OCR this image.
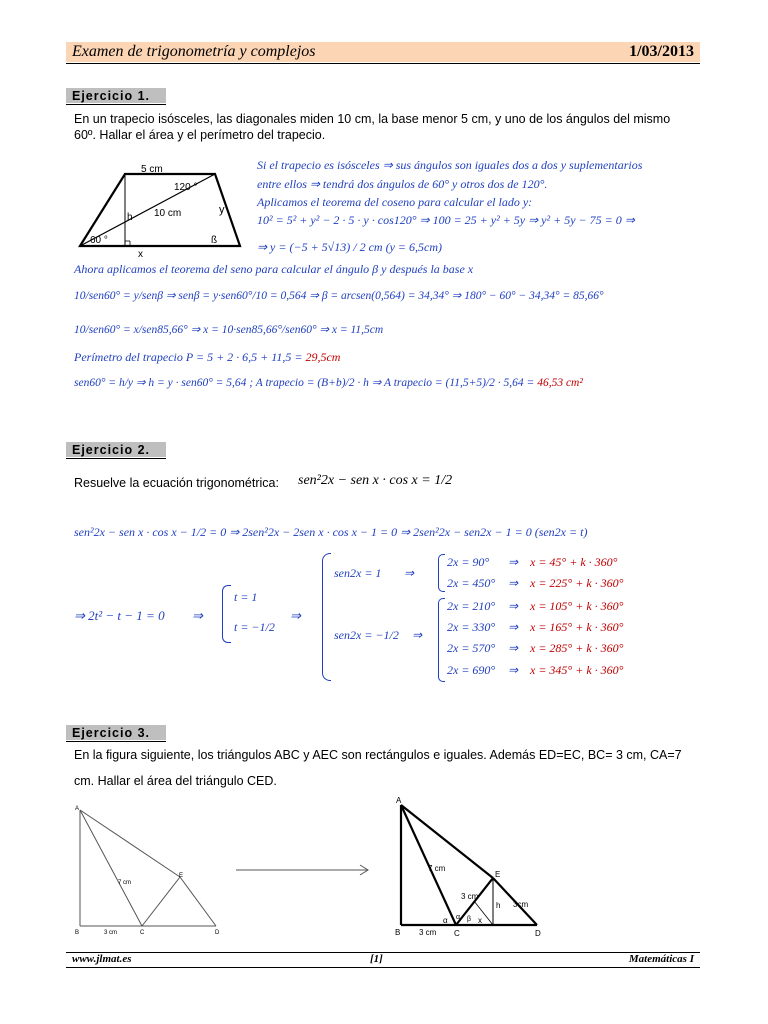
Examen de trigonometría y complejos	1/03/2013
Ejercicio 1.
En un trapecio isósceles, las diagonales miden 10 cm, la base menor 5 cm, y uno de los ángulos del mismo
60º. Hallar el área y el perímetro del trapecio.
5 cm
120 °
y
10 cm
h
60 °	ß
x
Si el trapecio es isósceles ⇒ sus ángulos son iguales dos a dos y suplementarios
entre ellos ⇒ tendrá dos ángulos de 60° y otros dos de 120°.
Aplicamos el teorema del coseno para calcular el lado y:
10² = 5² + y² − 2 · 5 · y · cos120° ⇒ 100 = 25 + y² + 5y ⇒ y² + 5y − 75 = 0 ⇒
⇒ y = (−5 + 5√13) / 2 cm (y = 6,5cm)
Ahora aplicamos el teorema del seno para calcular el ángulo β y después la base x
10/sen60° = y/senβ ⇒ senβ = y·sen60°/10 = 0,564 ⇒ β = arcsen(0,564) = 34,34° ⇒ 180° − 60° − 34,34° = 85,66°
10/sen60° = x/sen85,66° ⇒ x = 10·sen85,66°/sen60° ⇒ x = 11,5cm
Perímetro del trapecio P = 5 + 2 · 6,5 + 11,5 = 29,5cm
sen60° = h/y ⇒ h = y · sen60° = 5,64 ; A trapecio = (B+b)/2 · h ⇒ A trapecio = (11,5+5)/2 · 5,64 = 46,53 cm²
Ejercicio 2.
Resuelve la ecuación trigonométrica: sen²2x − sen x · cos x = 1/2
sen²2x − sen x · cos x − 1/2 = 0 ⇒ 2sen²2x − 2sen x · cos x − 1 = 0 ⇒ 2sen²2x − sen2x − 1 = 0 (sen2x = t)
⇒ 2t² − t − 1 = 0 ⇒
t = 1
t = −1/2
⇒
sen2x = 1 ⇒
sen2x = −1/2 ⇒
2x = 90° ⇒ x = 45° + k · 360°
2x = 450° ⇒ x = 225° + k · 360°
2x = 210° ⇒ x = 105° + k · 360°
2x = 330° ⇒ x = 165° + k · 360°
2x = 570° ⇒ x = 285° + k · 360°
2x = 690° ⇒ x = 345° + k · 360°
Ejercicio 3.
En la figura siguiente, los triángulos ABC y AEC son rectángulos e iguales. Además ED=EC, BC= 3 cm, CA=7
cm. Hallar el área del triángulo CED.
A
B	C	D
E
7 cm
3 cm
A
B	C	D
E
7 cm
3 cm
3cm
3 cm
h
x
α α β
www.jlmat.es	[1]	Matemáticas I
